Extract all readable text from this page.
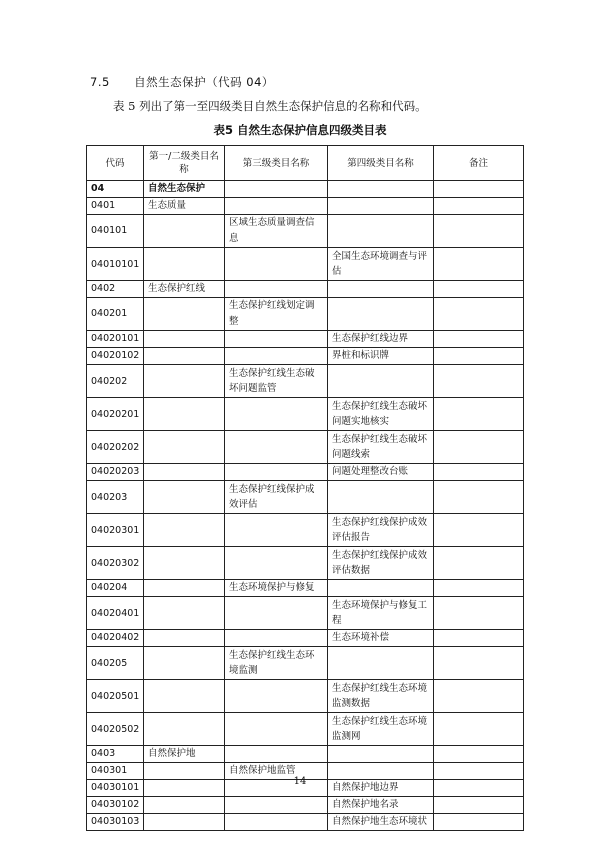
7.5 自然生态保护（代码 04）
表 5 列出了第一至四级类目自然生态保护信息的名称和代码。
表5 自然生态保护信息四级类目表
代码	第一/二级类目名称	第三级类目名称	第四级类目名称	备注
04	自然生态保护			
0401	生态质量			
040101		区域生态质量调查信息		
04010101			全国生态环境调查与评估	
0402	生态保护红线			
040201		生态保护红线划定调整		
04020101			生态保护红线边界	
04020102			界桩和标识牌	
040202		生态保护红线生态破坏问题监管		
04020201			生态保护红线生态破坏问题实地核实	
04020202			生态保护红线生态破坏问题线索	
04020203			问题处理整改台账	
040203		生态保护红线保护成效评估		
04020301			生态保护红线保护成效评估报告	
04020302			生态保护红线保护成效评估数据	
040204		生态环境保护与修复		
04020401			生态环境保护与修复工程	
04020402			生态环境补偿	
040205		生态保护红线生态环境监测		
04020501			生态保护红线生态环境监测数据	
04020502			生态保护红线生态环境监测网	
0403	自然保护地			
040301		自然保护地监管		
04030101			自然保护地边界	
04030102			自然保护地名录	
04030103			自然保护地生态环境状	
14
